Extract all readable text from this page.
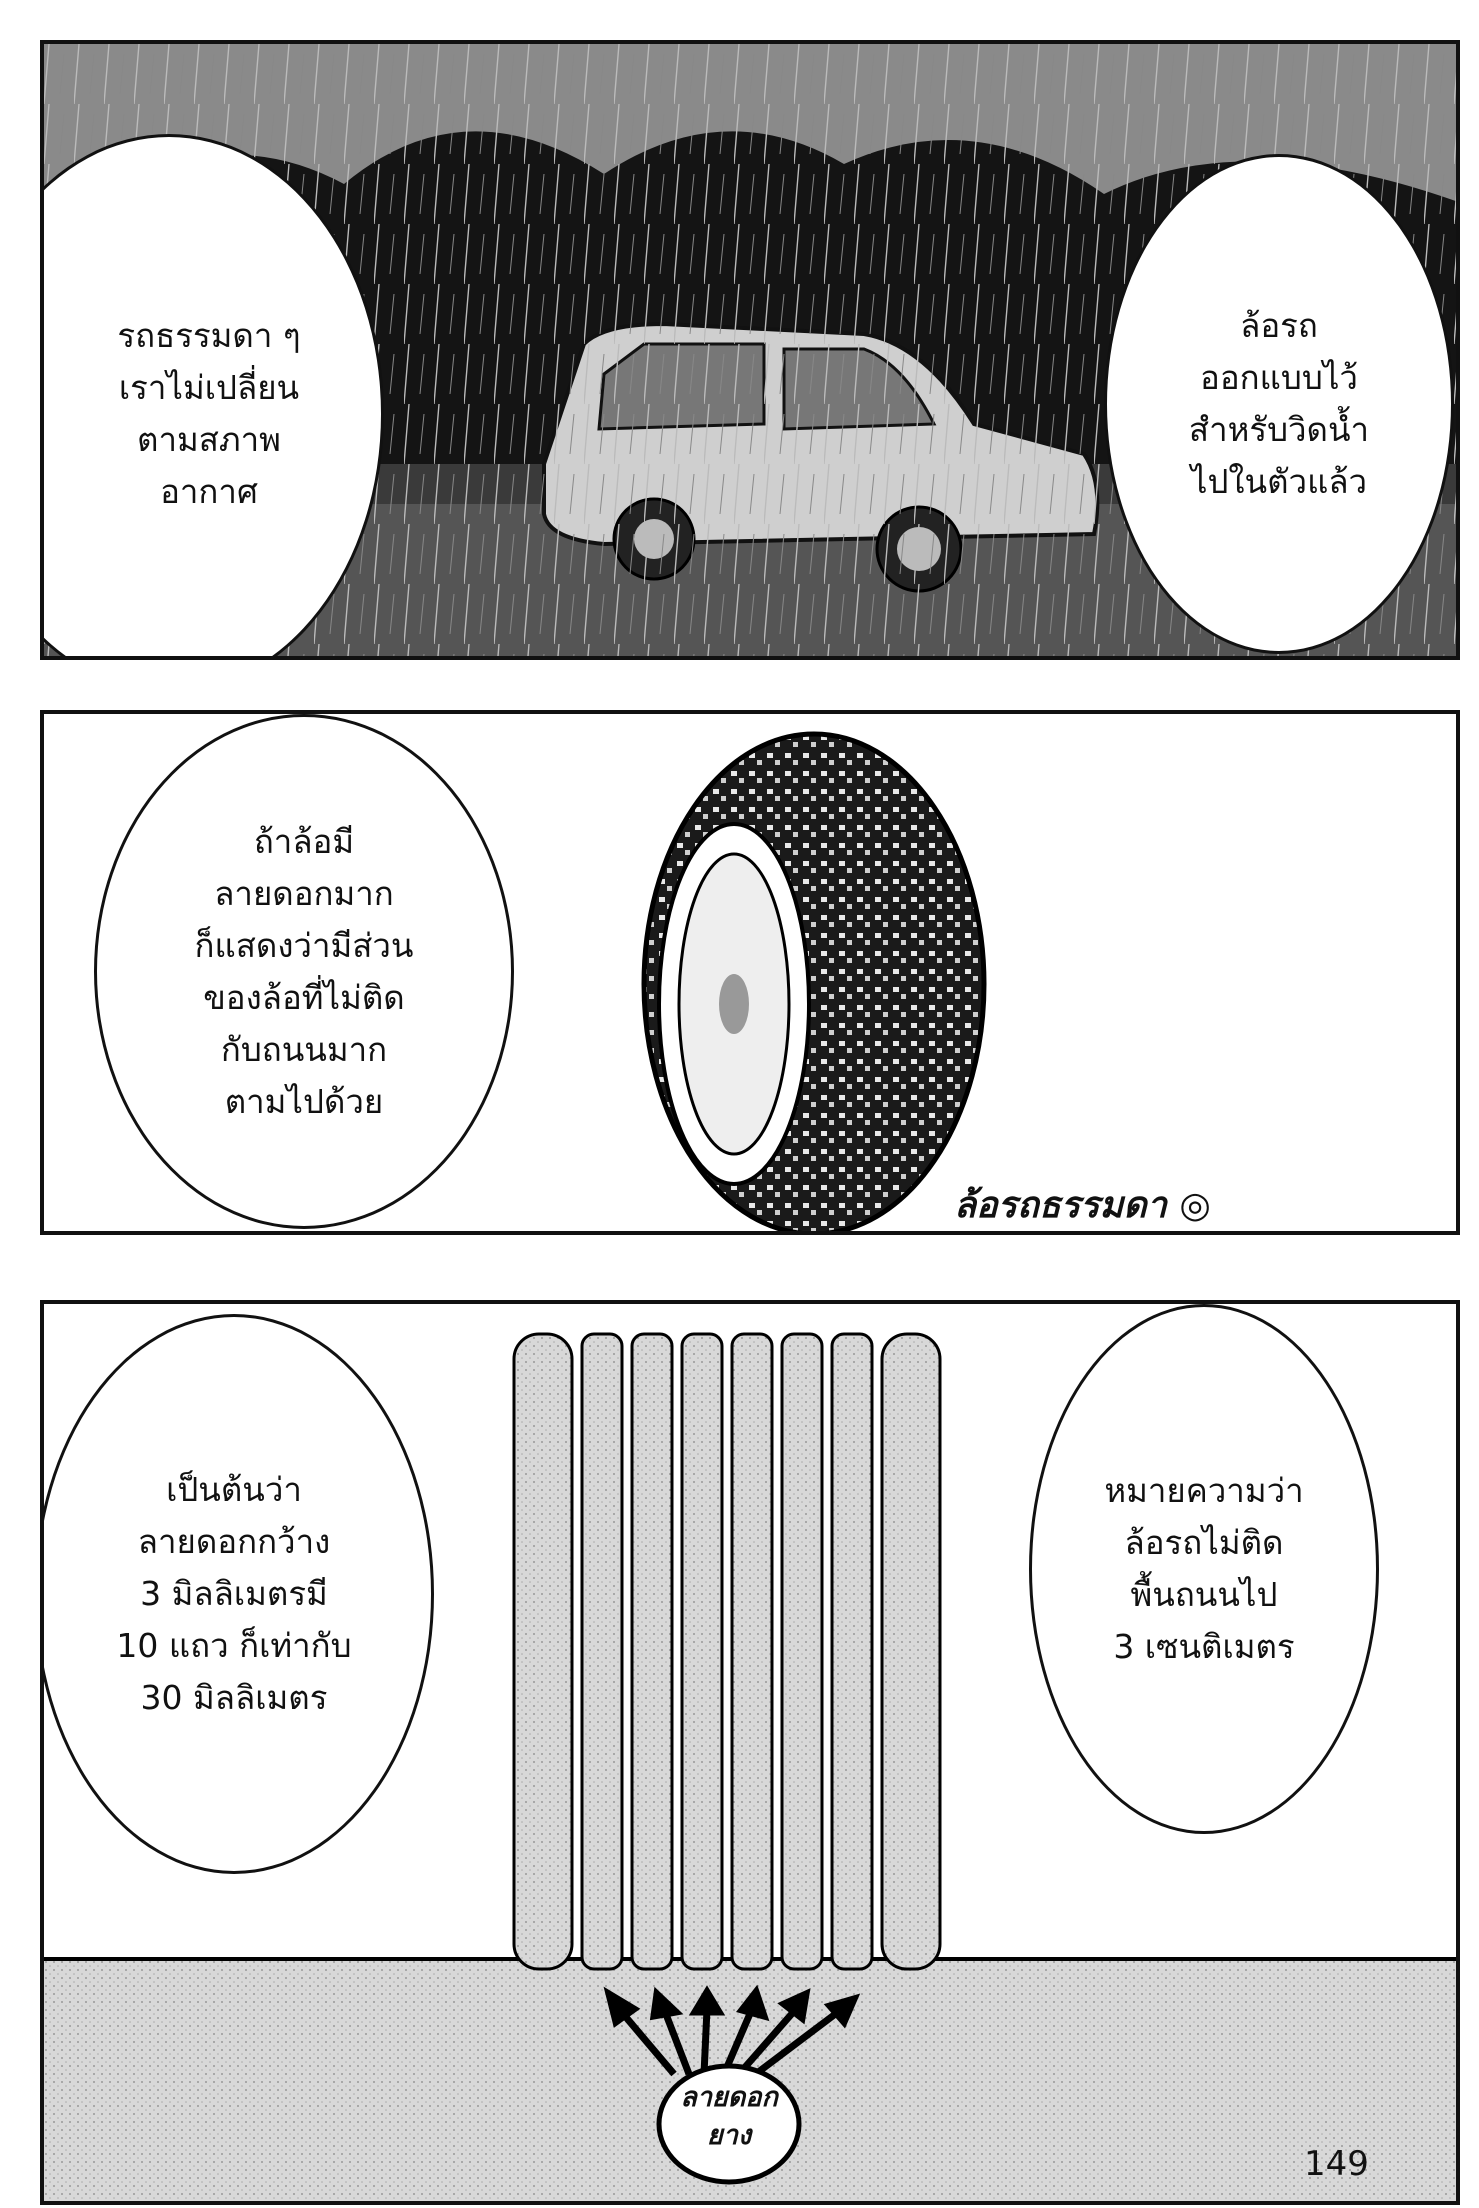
รถธรรมดา ๆ
เราไม่เปลี่ยน
ตามสภาพ
อากาศ
ล้อรถ
ออกแบบไว้
สำหรับวิดน้ำ
ไปในตัวแล้ว
ถ้าล้อมี
ลายดอกมาก
ก็แสดงว่ามีส่วน
ของล้อที่ไม่ติด
กับถนนมาก
ตามไปด้วย
ล้อรถธรรมดา ◎
เป็นต้นว่า
ลายดอกกว้าง
3 มิลลิเมตรมี
10 แถว ก็เท่ากับ
30 มิลลิเมตร
หมายความว่า
ล้อรถไม่ติด
พื้นถนนไป
3 เซนติเมตร
ลายดอก
ยาง
149
